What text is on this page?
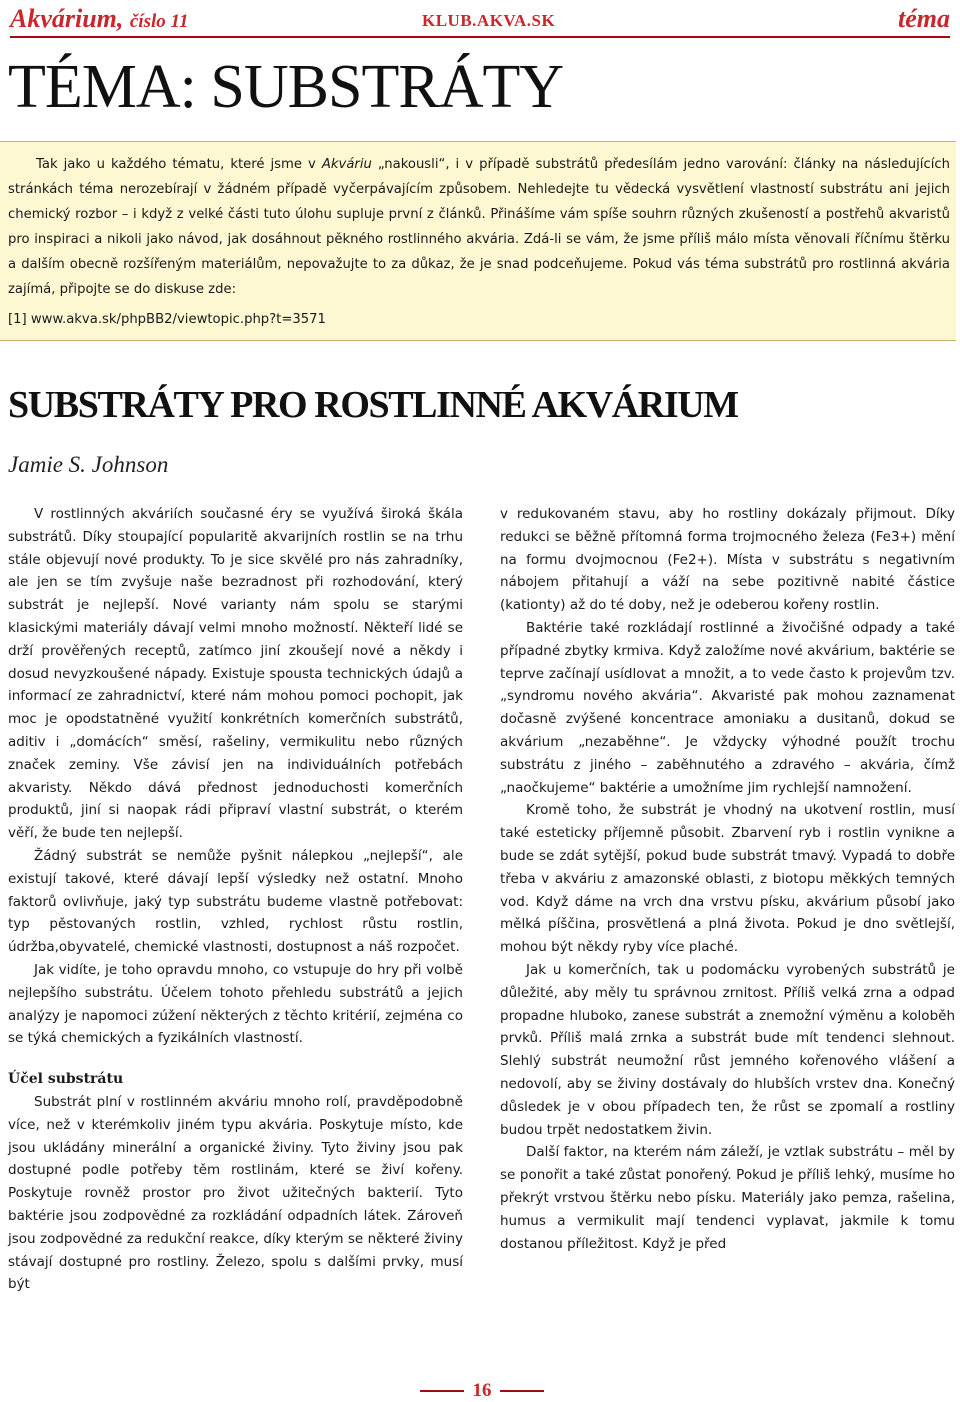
Akvárium, číslo 11	KLUB.AKVA.SK	téma
TÉMA: SUBSTRÁTY

Tak jako u každého tématu, které jsme v Akváriu „nakousli“, i v případě substrátů předesílám jedno varování: články na následujících stránkách téma nerozebírají v žádném případě vyčerpávajícím způsobem. Nehledejte tu vědecká vysvětlení vlastností substrátu ani jejich chemický rozbor – i když z velké části tuto úlohu supluje první z článků. Přinášíme vám spíše souhrn různých zkušeností a postřehů akvaristů pro inspiraci a nikoli jako návod, jak dosáhnout pěkného rostlinného akvária. Zdá-li se vám, že jsme příliš málo místa věnovali říčnímu štěrku a dalším obecně rozšířeným materiálům, nepovažujte to za důkaz, že je snad podceňujeme. Pokud vás téma substrátů pro rostlinná akvária zajímá, připojte se do diskuse zde:

[1] www.akva.sk/phpBB2/viewtopic.php?t=3571

SUBSTRÁTY PRO ROSTLINNÉ AKVÁRIUM
Jamie S. Johnson

V rostlinných akváriích současné éry se využívá široká škála substrátů. Díky stoupající popularitě akvarijních rostlin se na trhu stále objevují nové produkty. To je sice skvělé pro nás zahradníky, ale jen se tím zvyšuje naše bezradnost při rozhodování, který substrát je nejlepší. Nové varianty nám spolu se starými klasickými materiály dávají velmi mnoho možností. Někteří lidé se drží prověřených receptů, zatímco jiní zkoušejí nové a někdy i dosud nevyzkoušené nápady. Existuje spousta technických údajů a informací ze zahradnictví, které nám mohou pomoci pochopit, jak moc je opodstatněné využití konkrétních komerčních substrátů, aditiv i „domácích“ směsí, rašeliny, vermikulitu nebo různých značek zeminy. Vše závisí jen na individuálních potřebách akvaristy. Někdo dává přednost jednoduchosti komerčních produktů, jiní si naopak rádi připraví vlastní substrát, o kterém věří, že bude ten nejlepší.

Žádný substrát se nemůže pyšnit nálepkou „nejlepší“, ale existují takové, které dávají lepší výsledky než ostatní. Mnoho faktorů ovlivňuje, jaký typ substrátu budeme vlastně potřebovat: typ pěstovaných rostlin, vzhled, rychlost růstu rostlin, údržba,obyvatelé, chemické vlastnosti, dostupnost a náš rozpočet.

Jak vidíte, je toho opravdu mnoho, co vstupuje do hry při volbě nejlepšího substrátu. Účelem tohoto přehledu substrátů a jejich analýzy je napomoci zúžení některých z těchto kritérií, zejména co se týká chemických a fyzikálních vlastností.

Účel substrátu

Substrát plní v rostlinném akváriu mnoho rolí, pravděpodobně více, než v kterémkoliv jiném typu akvária. Poskytuje místo, kde jsou ukládány minerální a organické živiny. Tyto živiny jsou pak dostupné podle potřeby těm rostlinám, které se živí kořeny. Poskytuje rovněž prostor pro život užitečných bakterií. Tyto baktérie jsou zodpovědné za rozkládání odpadních látek. Zároveň jsou zodpovědné za redukční reakce, díky kterým se některé živiny stávají dostupné pro rostliny. Železo, spolu s dalšími prvky, musí být

v redukovaném stavu, aby ho rostliny dokázaly přijmout. Díky redukci se běžně přítomná forma trojmocného železa (Fe3+) mění na formu dvojmocnou (Fe2+). Místa v substrátu s negativním nábojem přitahují a váží na sebe pozitivně nabité částice (kationty) až do té doby, než je odeberou kořeny rostlin.

Baktérie také rozkládají rostlinné a živočišné odpady a také případné zbytky krmiva. Když založíme nové akvárium, baktérie se teprve začínají usídlovat a množit, a to vede často k projevům tzv. „syndromu nového akvária“. Akvaristé pak mohou zaznamenat dočasně zvýšené koncentrace amoniaku a dusitanů, dokud se akvárium „nezaběhne“. Je vždycky výhodné použít trochu substrátu z jiného – zaběhnutého a zdravého – akvária, čímž „naočkujeme“ baktérie a umožníme jim rychlejší namnožení.

Kromě toho, že substrát je vhodný na ukotvení rostlin, musí také esteticky příjemně působit. Zbarvení ryb i rostlin vynikne a bude se zdát sytější, pokud bude substrát tmavý. Vypadá to dobře třeba v akváriu z amazonské oblasti, z biotopu měkkých temných vod. Když dáme na vrch dna vrstvu písku, akvárium působí jako mělká píščina, prosvětlená a plná života. Pokud je dno světlejší, mohou být někdy ryby více plaché.

Jak u komerčních, tak u podomácku vyrobených substrátů je důležité, aby měly tu správnou zrnitost. Příliš velká zrna a odpad propadne hluboko, zanese substrát a znemožní výměnu a koloběh prvků. Příliš malá zrnka a substrát bude mít tendenci slehnout. Slehlý substrát neumožní růst jemného kořenového vlášení a nedovolí, aby se živiny dostávaly do hlubších vrstev dna. Konečný důsledek je v obou případech ten, že růst se zpomalí a rostliny budou trpět nedostatkem živin.

Další faktor, na kterém nám záleží, je vztlak substrátu – měl by se ponořit a také zůstat ponořený. Pokud je příliš lehký, musíme ho překrýt vrstvou štěrku nebo písku. Materiály jako pemza, rašelina, humus a vermikulit mají tendenci vyplavat, jakmile k tomu dostanou příležitost. Když je před

16
